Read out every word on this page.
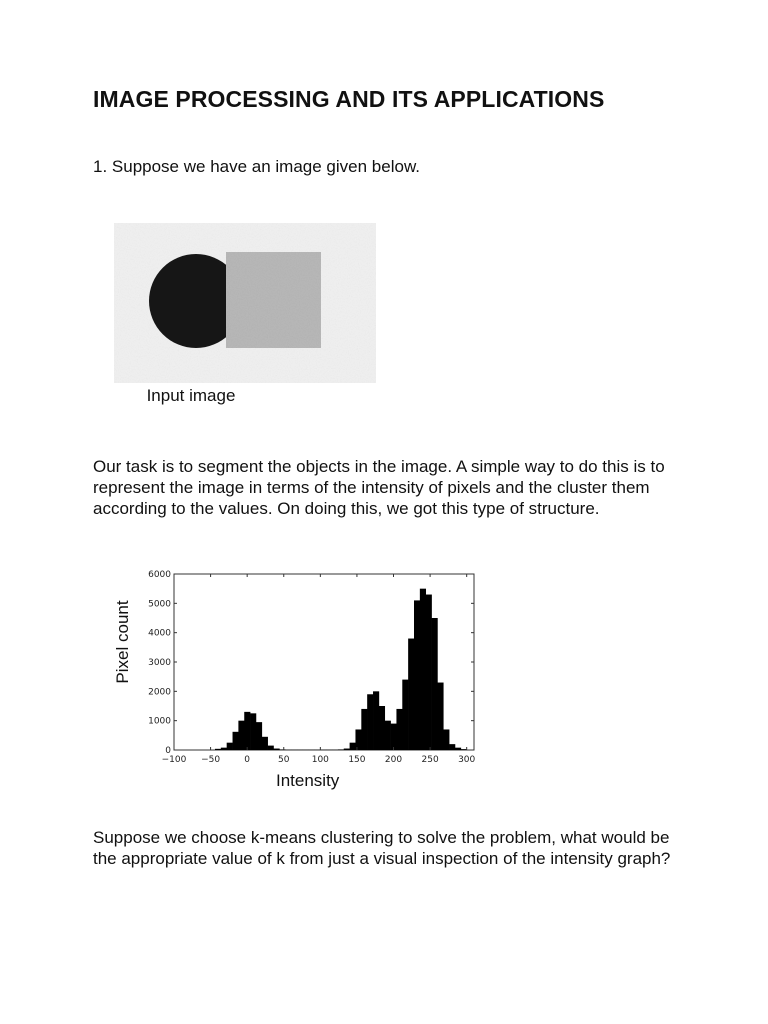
IMAGE PROCESSING AND ITS APPLICATIONS

1. Suppose we have an image given below.

Input image

Our task is to segment the objects in the image. A simple way to do this is to represent the image in terms of the intensity of pixels and the cluster them according to the values. On doing this, we got this type of structure.

Pixel count
−100 −50	0	50 100 150 200 250 300
0
1000
2000
3000
4000
5000
6000
Intensity

Suppose we choose k-means clustering to solve the problem, what would be the appropriate value of k from just a visual inspection of the intensity graph?
